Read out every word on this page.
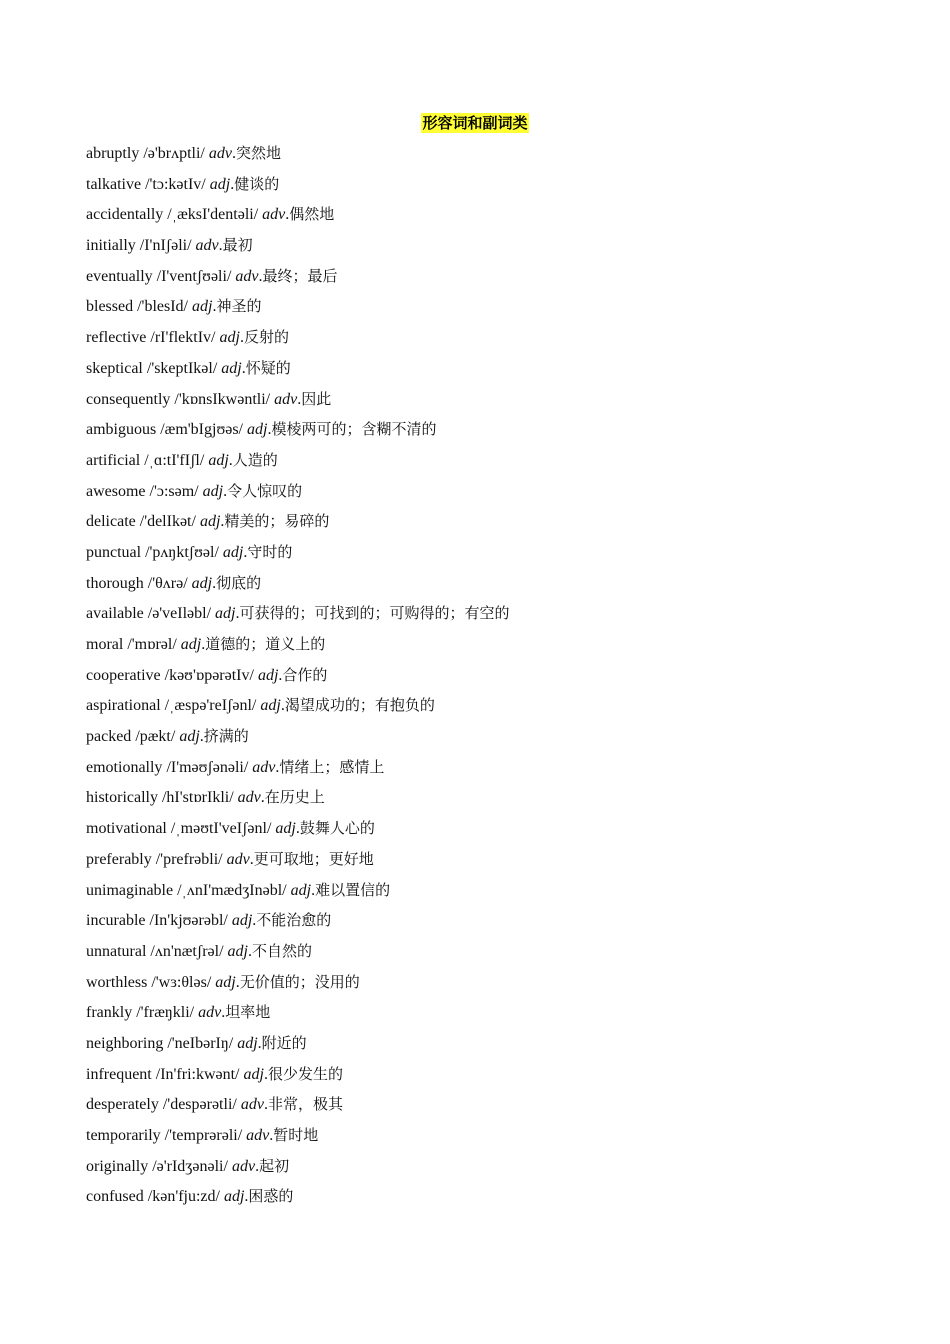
形容词和副词类
abruptly /ə'brʌptli/ adv.突然地
talkative /'tɔ:kətIv/ adj.健谈的
accidentally /ˌæksI'dentəli/ adv.偶然地
initially /I'nIʃəli/ adv.最初
eventually /I'ventʃʊəli/ adv.最终；最后
blessed /'blesId/ adj.神圣的
reflective /rI'flektIv/ adj.反射的
skeptical /'skeptIkəl/ adj.怀疑的
consequently /'kɒnsIkwəntli/ adv.因此
ambiguous /æm'bIgjʊəs/ adj.模棱两可的；含糊不清的
artificial /ˌɑ:tI'fIʃl/ adj.人造的
awesome /'ɔ:səm/ adj.令人惊叹的
delicate /'delIkət/ adj.精美的；易碎的
punctual /'pʌŋktʃʊəl/ adj.守时的
thorough /'θʌrə/ adj.彻底的
available /ə'veIləbl/ adj.可获得的；可找到的；可购得的；有空的
moral /'mɒrəl/ adj.道德的；道义上的
cooperative /kəʊ'ɒpərətIv/ adj.合作的
aspirational /ˌæspə'reIʃənl/ adj.渴望成功的；有抱负的
packed /pækt/ adj.挤满的
emotionally /I'məʊʃənəli/ adv.情绪上；感情上
historically /hI'stɒrIkli/ adv.在历史上
motivational /ˌməʊtI'veIʃənl/ adj.鼓舞人心的
preferably /'prefrəbli/ adv.更可取地；更好地
unimaginable /ˌʌnI'mædʒInəbl/ adj.难以置信的
incurable /In'kjʊərəbl/ adj.不能治愈的
unnatural /ʌn'nætʃrəl/ adj.不自然的
worthless /'wɜ:θləs/ adj.无价值的；没用的
frankly /'fræŋkli/ adv.坦率地
neighboring /'neIbərIŋ/ adj.附近的
infrequent /In'fri:kwənt/ adj.很少发生的
desperately /'despərətli/ adv.非常，极其
temporarily /'temprərəli/ adv.暂时地
originally /ə'rIdʒənəli/ adv.起初
confused /kən'fju:zd/ adj.困惑的
